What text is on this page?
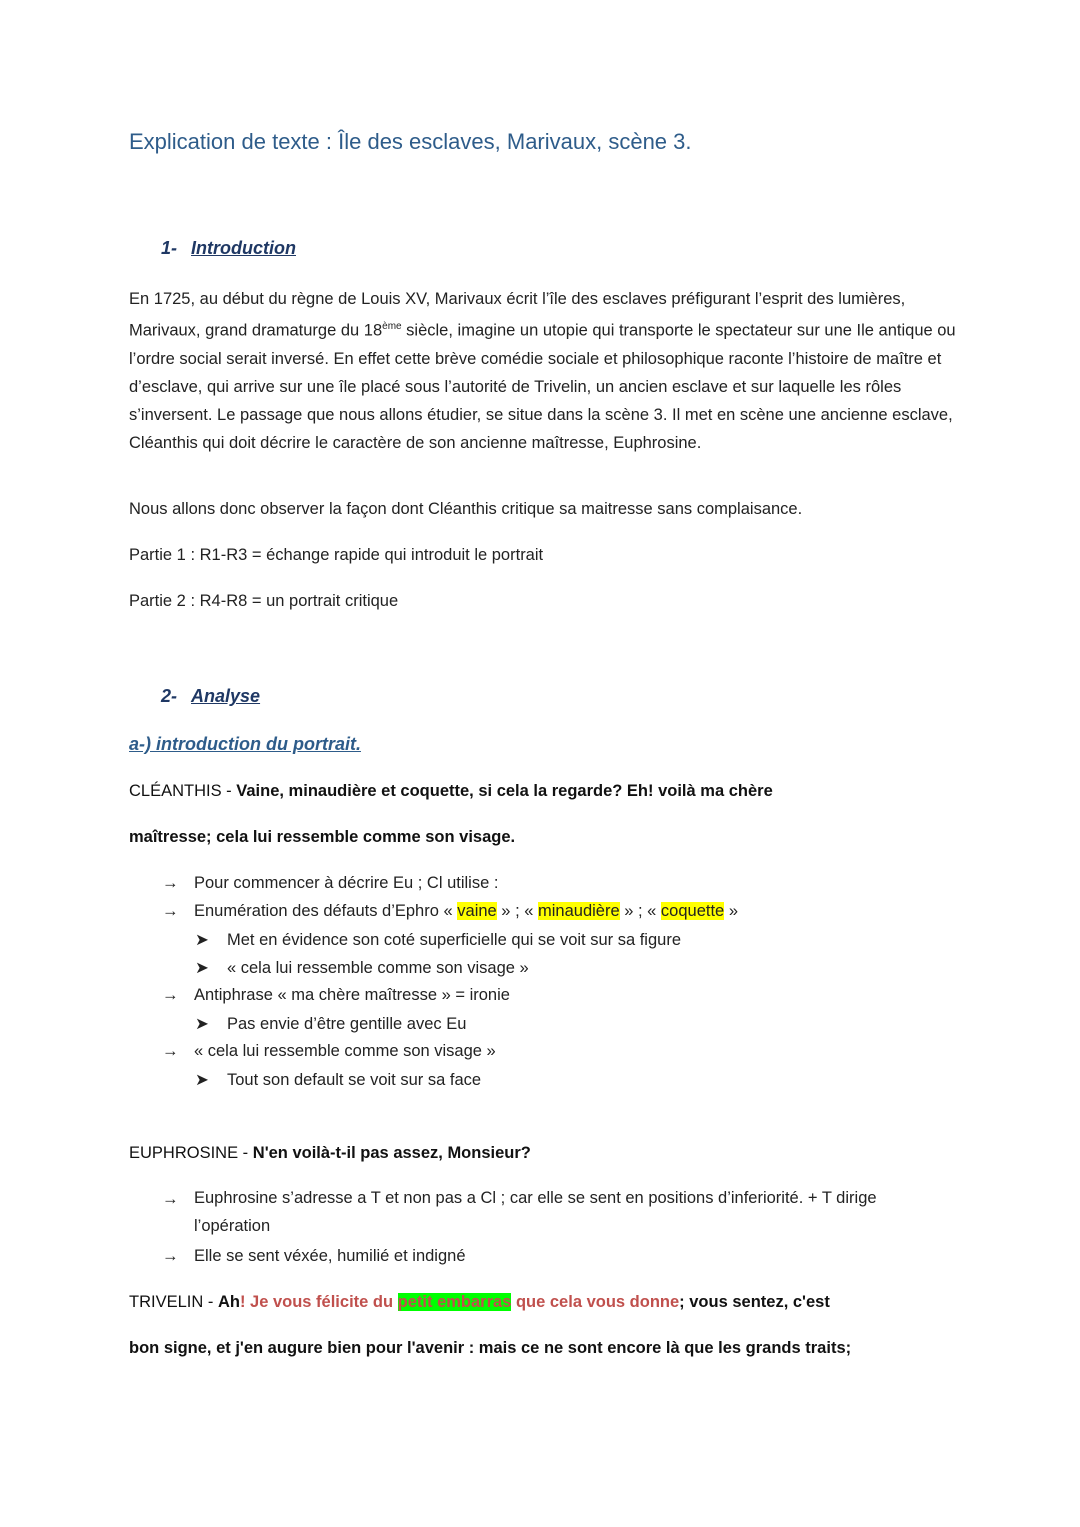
Explication de texte : Île des esclaves, Marivaux, scène 3.
1- Introduction

En 1725, au début du règne de Louis XV, Marivaux écrit l’île des esclaves préfigurant l’esprit des lumières, Marivaux, grand dramaturge du 18ème siècle, imagine un utopie qui transporte le spectateur sur une Ile antique ou l’ordre social serait inversé. En effet cette brève comédie sociale et philosophique raconte l’histoire de maître et d’esclave, qui arrive sur une île placé sous l’autorité de Trivelin, un ancien esclave et sur laquelle les rôles s’inversent. Le passage que nous allons étudier, se situe dans la scène 3. Il met en scène une ancienne esclave, Cléanthis qui doit décrire le caractère de son ancienne maîtresse, Euphrosine.

Nous allons donc observer la façon dont Cléanthis critique sa maitresse sans complaisance.
Partie 1 : R1-R3 = échange rapide qui introduit le portrait
Partie 2 : R4-R8 = un portrait critique
2- Analyse
a-) introduction du portrait.
CLÉANTHIS - Vaine, minaudière et coquette, si cela la regarde? Eh! voilà ma chère
maîtresse; cela lui ressemble comme son visage.
→ Pour commencer à décrire Eu ; Cl utilise :
→ Enumération des défauts d’Ephro « vaine » ; « minaudière » ; « coquette »
➤ Met en évidence son coté superficielle qui se voit sur sa figure
➤ « cela lui ressemble comme son visage »
→ Antiphrase « ma chère maîtresse » = ironie
➤ Pas envie d’être gentille avec Eu
→ « cela lui ressemble comme son visage »
➤ Tout son default se voit sur sa face
EUPHROSINE - N'en voilà-t-il pas assez, Monsieur?
→ Euphrosine s’adresse a T et non pas a Cl ; car elle se sent en positions d’inferiorité. + T dirige l’opération
→ Elle se sent véxée, humilié et indigné
TRIVELIN - Ah! Je vous félicite du petit embarras que cela vous donne; vous sentez, c'est
bon signe, et j'en augure bien pour l'avenir : mais ce ne sont encore là que les grands traits;
